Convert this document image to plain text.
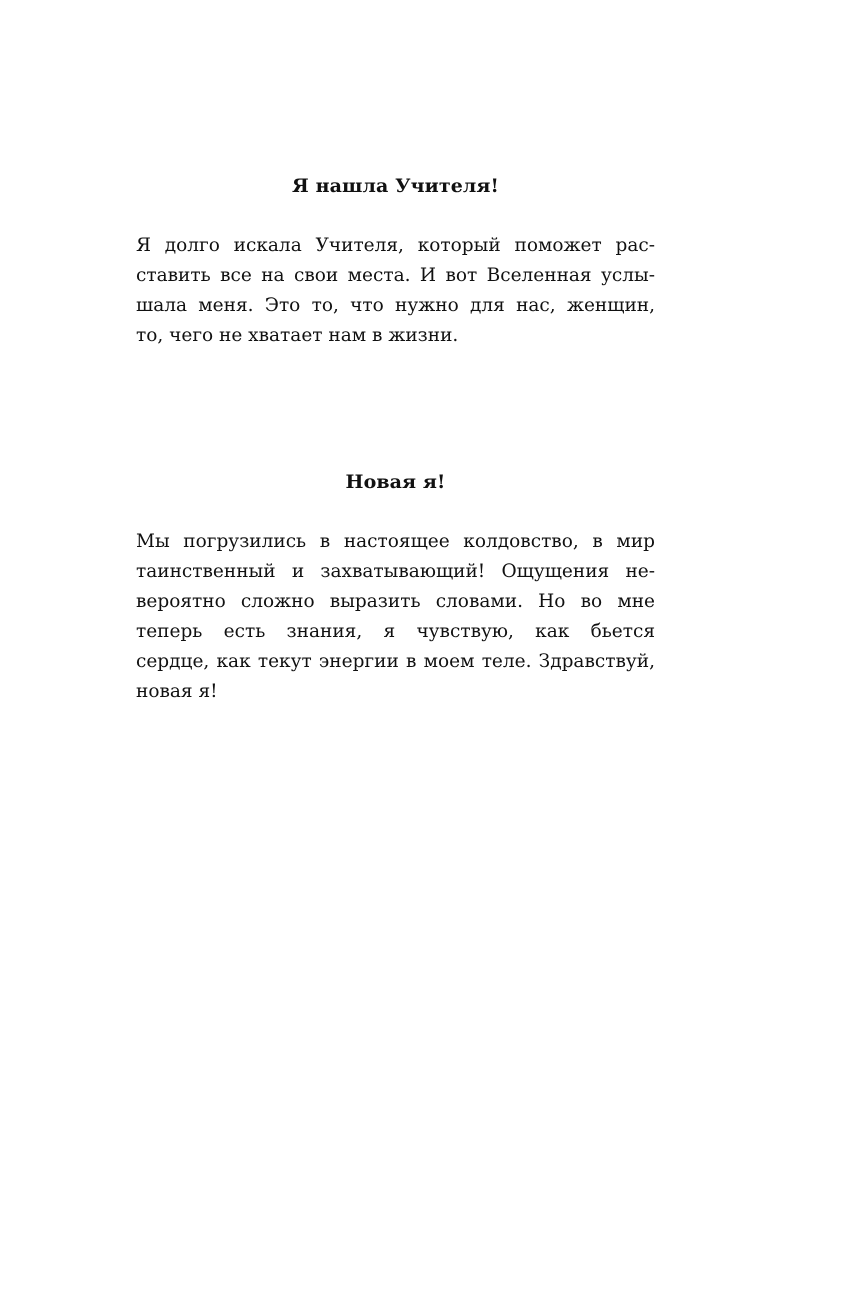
Я нашла Учителя!
Я долго искала Учителя, который поможет рас-
ставить все на свои места. И вот Вселенная услы-
шала меня. Это то, что нужно для нас, женщин,
то, чего не хватает нам в жизни.
Новая я!
Мы погрузились в настоящее колдовство, в мир
таинственный и захватывающий! Ощущения не-
вероятно сложно выразить словами. Но во мне
теперь есть знания, я чувствую, как бьется
сердце, как текут энергии в моем теле. Здравствуй,
новая я!
